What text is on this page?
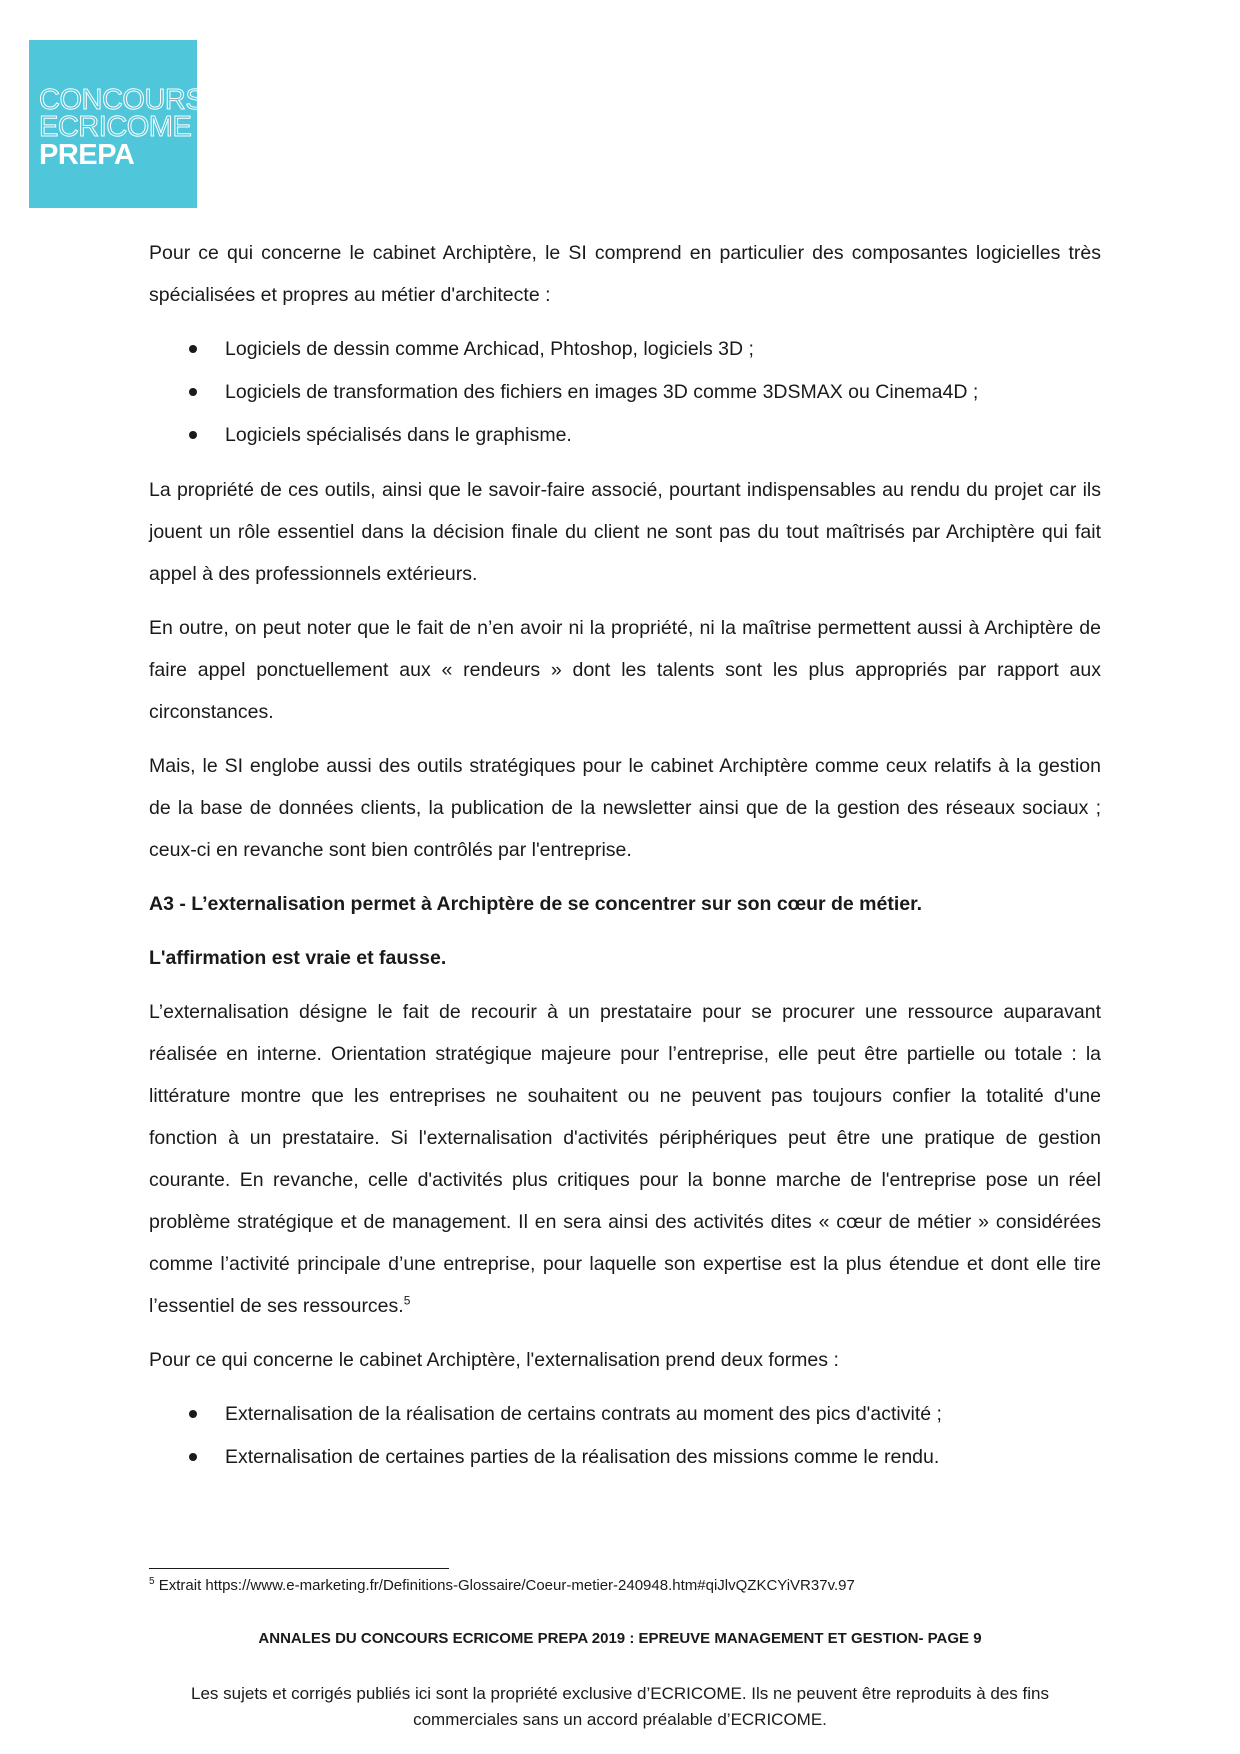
CONCOURS
ECRICOME
PREPA

Pour ce qui concerne le cabinet Archiptère, le SI comprend en particulier des composantes logicielles très spécialisées et propres au métier d'architecte :

Logiciels de dessin comme Archicad, Phtoshop, logiciels 3D ;
Logiciels de transformation des fichiers en images 3D comme 3DSMAX ou Cinema4D ;
Logiciels spécialisés dans le graphisme.

La propriété de ces outils, ainsi que le savoir-faire associé, pourtant indispensables au rendu du projet car ils jouent un rôle essentiel dans la décision finale du client ne sont pas du tout maîtrisés par Archiptère qui fait appel à des professionnels extérieurs.

En outre, on peut noter que le fait de n’en avoir ni la propriété, ni la maîtrise permettent aussi à Archiptère de faire appel ponctuellement aux « rendeurs » dont les talents sont les plus appropriés par rapport aux circonstances.

Mais, le SI englobe aussi des outils stratégiques pour le cabinet Archiptère comme ceux relatifs à la gestion de la base de données clients, la publication de la newsletter ainsi que de la gestion des réseaux sociaux ; ceux-ci en revanche sont bien contrôlés par l'entreprise.

A3 - L’externalisation permet à Archiptère de se concentrer sur son cœur de métier.

L'affirmation est vraie et fausse.

L’externalisation désigne le fait de recourir à un prestataire pour se procurer une ressource auparavant réalisée en interne. Orientation stratégique majeure pour l’entreprise, elle peut être partielle ou totale : la littérature montre que les entreprises ne souhaitent ou ne peuvent pas toujours confier la totalité d'une fonction à un prestataire. Si l'externalisation d'activités périphériques peut être une pratique de gestion courante. En revanche, celle d'activités plus critiques pour la bonne marche de l'entreprise pose un réel problème stratégique et de management. Il en sera ainsi des activités dites « cœur de métier » considérées comme l’activité principale d’une entreprise, pour laquelle son expertise est la plus étendue et dont elle tire l’essentiel de ses ressources.$^5$

Pour ce qui concerne le cabinet Archiptère, l'externalisation prend deux formes :

Externalisation de la réalisation de certains contrats au moment des pics d'activité ;
Externalisation de certaines parties de la réalisation des missions comme le rendu.
$^5$ Extrait https://www.e-marketing.fr/Definitions-Glossaire/Coeur-metier-240948.htm#qiJlvQZKCYiVR37v.97
ANNALES DU CONCOURS ECRICOME PREPA 2019 : EPREUVE MANAGEMENT ET GESTION- PAGE 9
Les sujets et corrigés publiés ici sont la propriété exclusive d’ECRICOME. Ils ne peuvent être reproduits à des fins commerciales sans un accord préalable d’ECRICOME.
